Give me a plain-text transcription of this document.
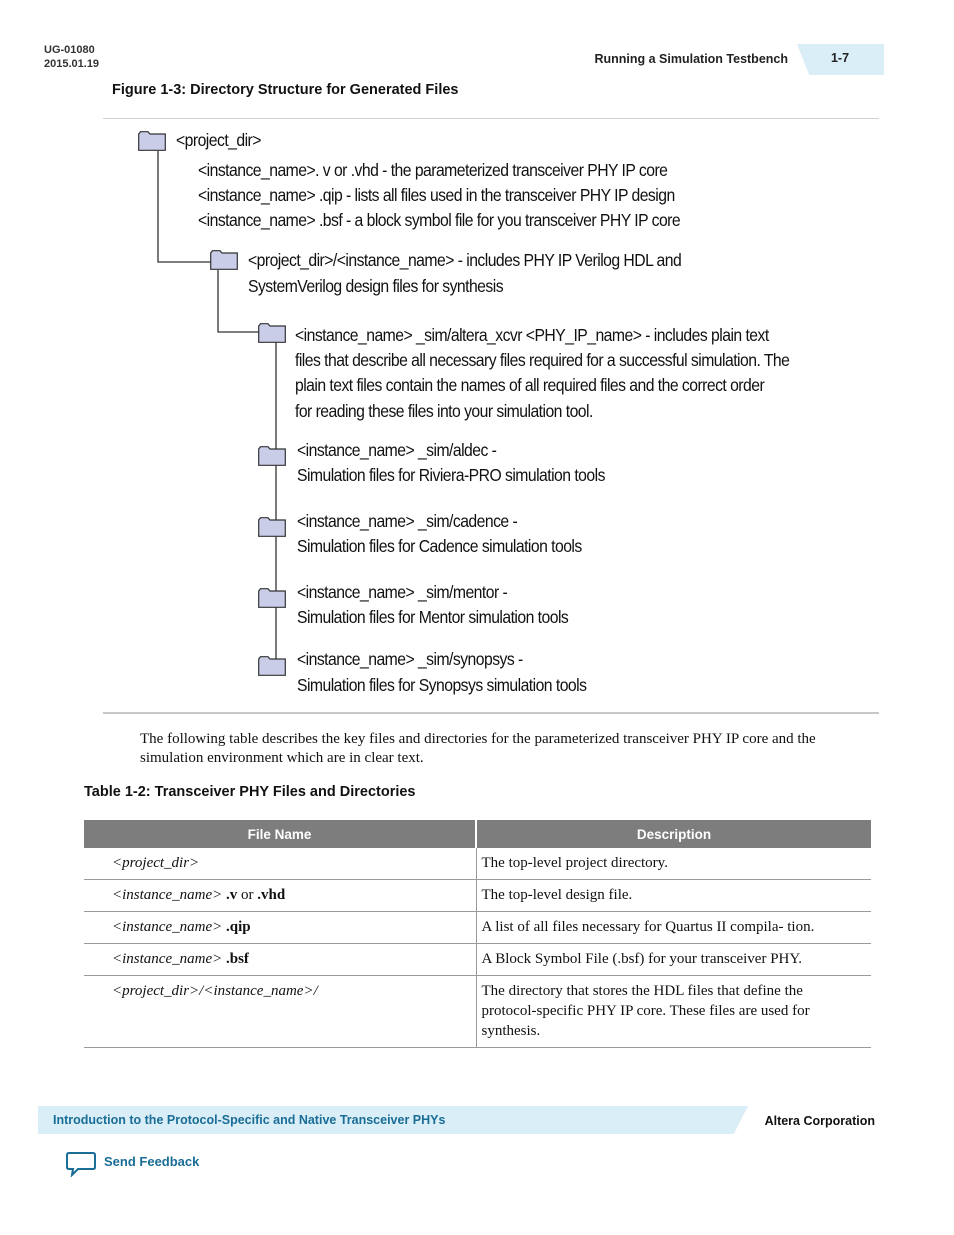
UG-01080
2015.01.19	Running a Simulation Testbench	1-7
Figure 1-3: Directory Structure for Generated Files
<project_dir>
<instance_name>. v or .vhd - the parameterized transceiver PHY IP core
<instance_name> .qip - lists all files used in the transceiver PHY IP design
<instance_name> .bsf - a block symbol file for you transceiver PHY IP core
<project_dir>/<instance_name> - includes PHY IP Verilog HDL and
SystemVerilog design files for synthesis
<instance_name> _sim/altera_xcvr <PHY_IP_name> - includes plain text
files that describe all necessary files required for a successful simulation. The
plain text files contain the names of all required files and the correct order
for reading these files into your simulation tool.
<instance_name> _sim/aldec -
Simulation files for Riviera-PRO simulation tools
<instance_name> _sim/cadence -
Simulation files for Cadence simulation tools
<instance_name> _sim/mentor -
Simulation files for Mentor simulation tools
<instance_name> _sim/synopsys -
Simulation files for Synopsys simulation tools
The following table describes the key files and directories for the parameterized transceiver PHY IP core and the simulation environment which are in clear text.
Table 1-2: Transceiver PHY Files and Directories
File Name	Description
<project_dir>	The top-level project directory.
<instance_name> .v or .vhd	The top-level design file.
<instance_name> .qip	A list of all files necessary for Quartus II compila- tion.
<instance_name> .bsf	A Block Symbol File (.bsf) for your transceiver PHY.
<project_dir>/<instance_name>/	The directory that stores the HDL files that define the protocol-specific PHY IP core. These files are used for synthesis.
Introduction to the Protocol-Specific and Native Transceiver PHYs	Altera Corporation
Send Feedback
